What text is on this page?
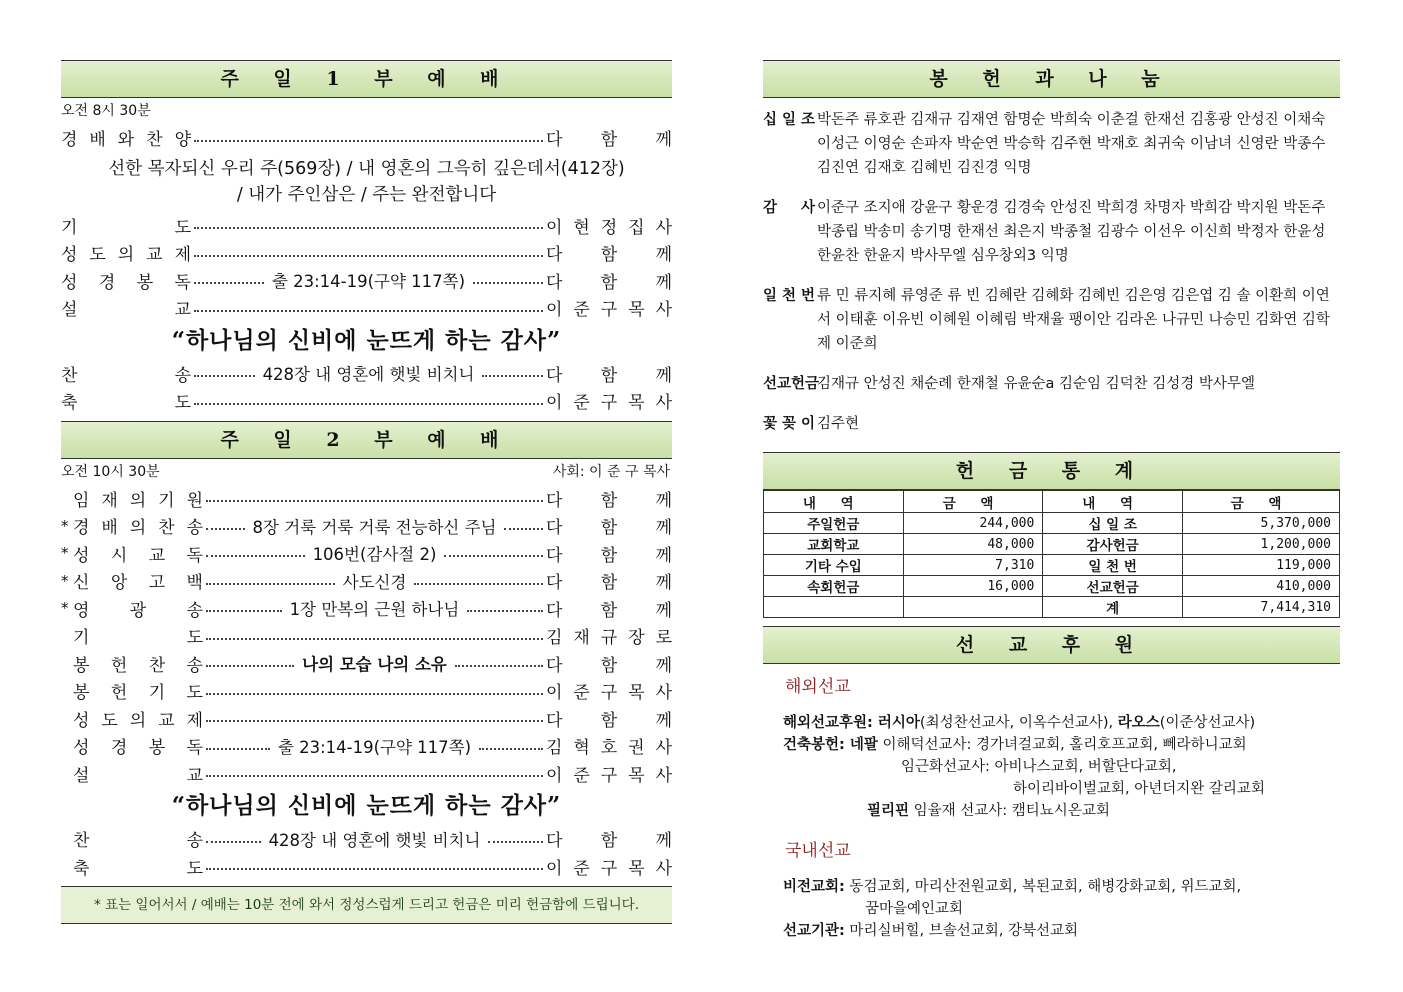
주 일 1 부 예 배
오전 8시 30분
경 배 와 찬 양	다 함 께
선한 목자되신 우리 주(569장) / 내 영혼의 그윽히 깊은데서(412장)
/ 내가 주인삼은 / 주는 완전합니다
기	도	이 현 정 집 사
성 도 의 교 제	다 함 께
성 경 봉 독	출 23:14-19(구약 117쪽)	다 함 께
설	교	이 준 구 목 사
“하나님의 신비에 눈뜨게 하는 감사”
찬	송	428장 내 영혼에 햇빛 비치니	다 함 께
축	도	이 준 구 목 사
주 일 2 부 예 배
오전 10시 30분	사회: 이 준 구 목사
임 재 의 기 원	다 함 께
* 경 배 의 찬 송	8장 거룩 거룩 거룩 전능하신 주님	다 함 께
* 성 시 교 독	106번(감사절 2)	다 함 께
* 신 앙 고 백	사도신경	다 함 께
* 영 광 송	1장 만복의 근원 하나님	다 함 께
기	도	김 재 규 장 로
봉 헌 찬 송	나의 모습 나의 소유	다 함 께
봉 헌 기 도	이 준 구 목 사
성 도 의 교 제	다 함 께
성 경 봉 독	출 23:14-19(구약 117쪽)	김 혁 호 권 사
설	교	이 준 구 목 사
“하나님의 신비에 눈뜨게 하는 감사”
찬	송	428장 내 영혼에 햇빛 비치니	다 함 께
축	도	이 준 구 목 사
* 표는 일어서서 / 예배는 10분 전에 와서 정성스럽게 드리고 헌금은 미리 헌금함에 드립니다.
봉 헌 과 나 눔
십 일 조 박돈주 류호관 김재규 김재연 함명순 박희숙 이춘걸 한재선 김홍광 안성진 이채숙 이성근 이영순 손파자 박순연 박승학 김주현 박재호 최귀숙 이남녀 신영란 박종수 김진연 김재호 김혜빈 김진경 익명
감 사 이준구 조지애 강윤구 황운경 김경숙 안성진 박희경 차명자 박희감 박지원 박돈주 박종립 박송미 송기명 한재선 최은지 박종철 김광수 이선우 이신희 박정자 한윤성 한윤찬 한윤지 박사무엘 심우창외3 익명
일 천 번 류 민 류지혜 류영준 류 빈 김혜란 김혜화 김혜빈 김은영 김은엽 김 솔 이환희 이연서 이태훈 이유빈 이혜원 이혜림 박재율 팽이안 김라온 나규민 나승민 김화연 김학제 이준희
선 교 헌 금
김재규 안성진 채순례 한재철 유윤순a 김순임 김덕찬 김성경 박사무엘
꽃 꽂 이 김주현
헌 금 통 계
내 역	금 액	내 역	금 액
주일헌금	244,000	십 일 조	5,370,000
교회학교	48,000	감사헌금	1,200,000
기타 수입	7,310	일 천 번	119,000
속회헌금	16,000	선교헌금	410,000
		계	7,414,310
선 교 후 원
해외선교
해외선교후원: 러시아(최성찬선교사, 이옥수선교사), 라오스(이준상선교사)
건축봉헌: 네팔 이해덕선교사: 경가녀걸교회, 홀리호프교회, 뻬라하니교회
임근화선교사: 아비나스교회, 버할단다교회,
하이리바이벌교회, 아년더지완 갈리교회
필리핀 임율재 선교사: 캠티뇨시온교회
국내선교
비전교회: 동검교회, 마리산전원교회, 복된교회, 해병강화교회, 위드교회,
꿈마을예인교회
선교기관: 마리실버힐, 브솔선교회, 강북선교회
